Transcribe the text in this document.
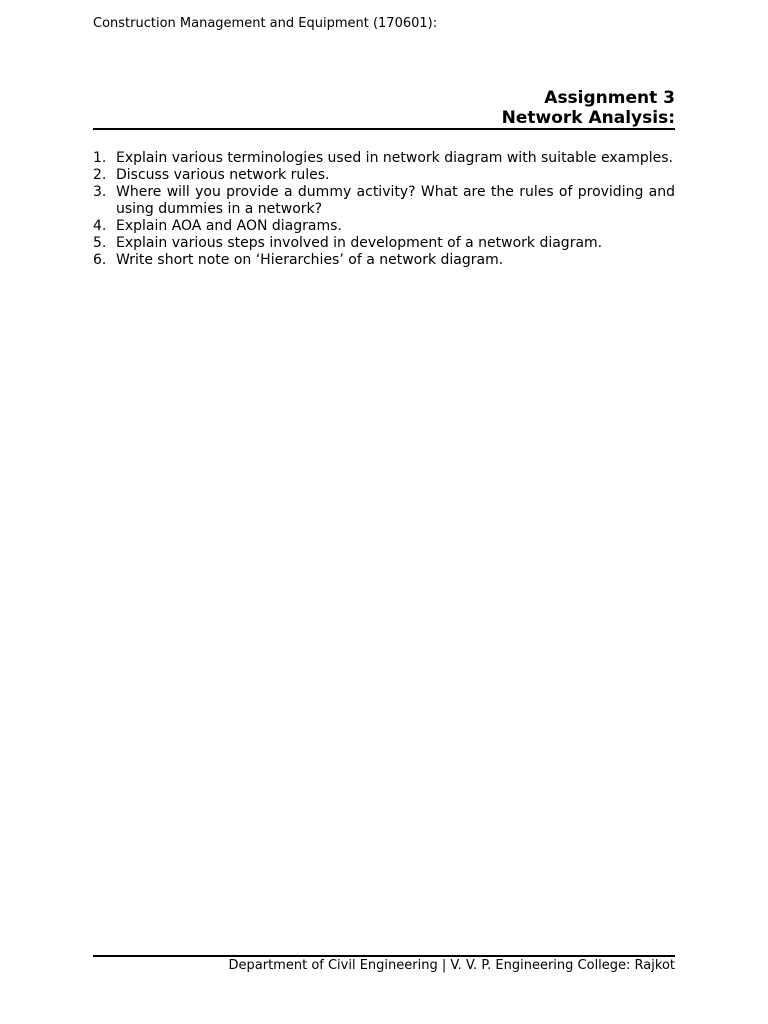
Construction Management and Equipment (170601):
Assignment 3
Network Analysis:
1. Explain various terminologies used in network diagram with suitable examples.
2. Discuss various network rules.
3. Where will you provide a dummy activity? What are the rules of providing and using dummies in a network?
4. Explain AOA and AON diagrams.
5. Explain various steps involved in development of a network diagram.
6. Write short note on ‘Hierarchies’ of a network diagram.
Department of Civil Engineering | V. V. P. Engineering College: Rajkot
